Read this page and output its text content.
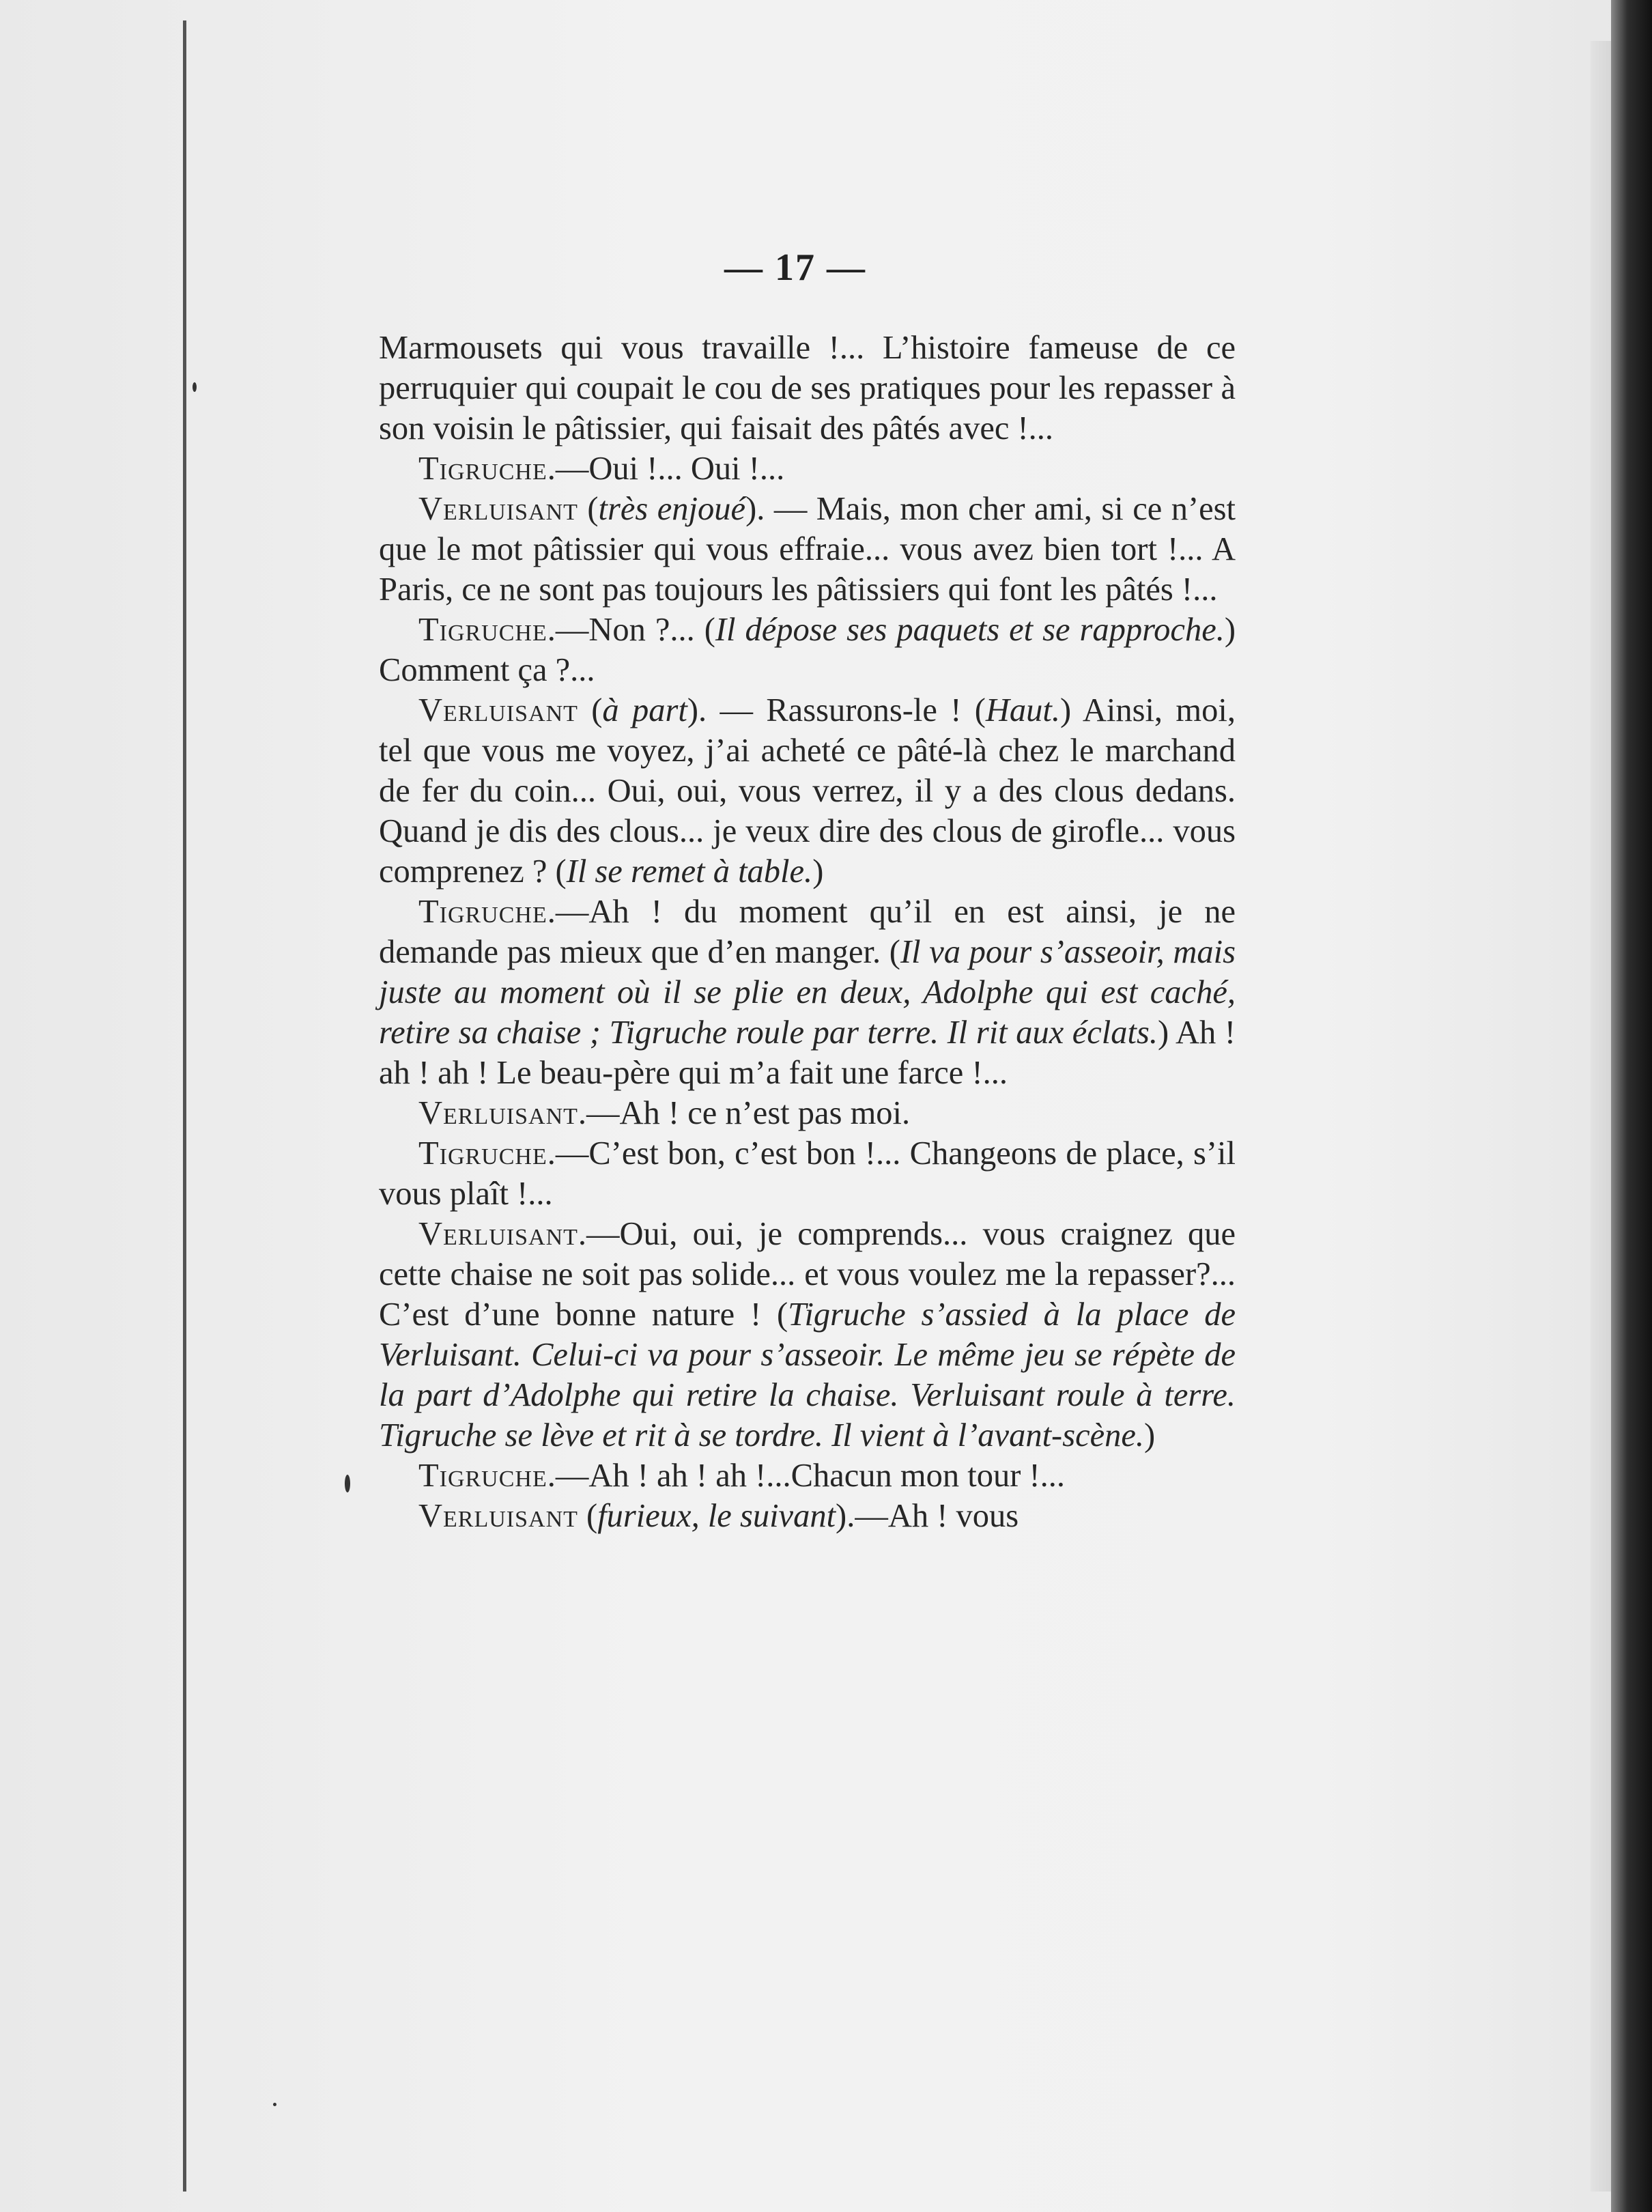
— 17 —

Marmousets qui vous travaille !... L’histoire fameuse de ce perruquier qui coupait le cou de ses pratiques pour les repasser à son voisin le pâtissier, qui faisait des pâtés avec !...

Tigruche.—Oui !... Oui !...

Verluisant (très enjoué). — Mais, mon cher ami, si ce n’est que le mot pâtissier qui vous effraie... vous avez bien tort !... A Paris, ce ne sont pas toujours les pâtissiers qui font les pâtés !...

Tigruche.—Non ?... (Il dépose ses paquets et se rapproche.) Comment ça ?...

Verluisant (à part). — Rassurons-le ! (Haut.) Ainsi, moi, tel que vous me voyez, j’ai acheté ce pâté-là chez le marchand de fer du coin... Oui, oui, vous verrez, il y a des clous dedans. Quand je dis des clous... je veux dire des clous de girofle... vous comprenez ? (Il se remet à table.)

Tigruche.—Ah ! du moment qu’il en est ainsi, je ne demande pas mieux que d’en manger. (Il va pour s’asseoir, mais juste au moment où il se plie en deux, Adolphe qui est caché, retire sa chaise ; Tigruche roule par terre. Il rit aux éclats.) Ah ! ah ! ah ! Le beau-père qui m’a fait une farce !...

Verluisant.—Ah ! ce n’est pas moi.

Tigruche.—C’est bon, c’est bon !... Changeons de place, s’il vous plaît !...

Verluisant.—Oui, oui, je comprends... vous craignez que cette chaise ne soit pas solide... et vous voulez me la repasser?... C’est d’une bonne nature ! (Tigruche s’assied à la place de Verluisant. Celui-ci va pour s’asseoir. Le même jeu se répète de la part d’Adolphe qui retire la chaise. Verluisant roule à terre. Tigruche se lève et rit à se tordre. Il vient à l’avant-scène.)

Tigruche.—Ah ! ah ! ah !...Chacun mon tour !...

Verluisant (furieux, le suivant).—Ah ! vous
